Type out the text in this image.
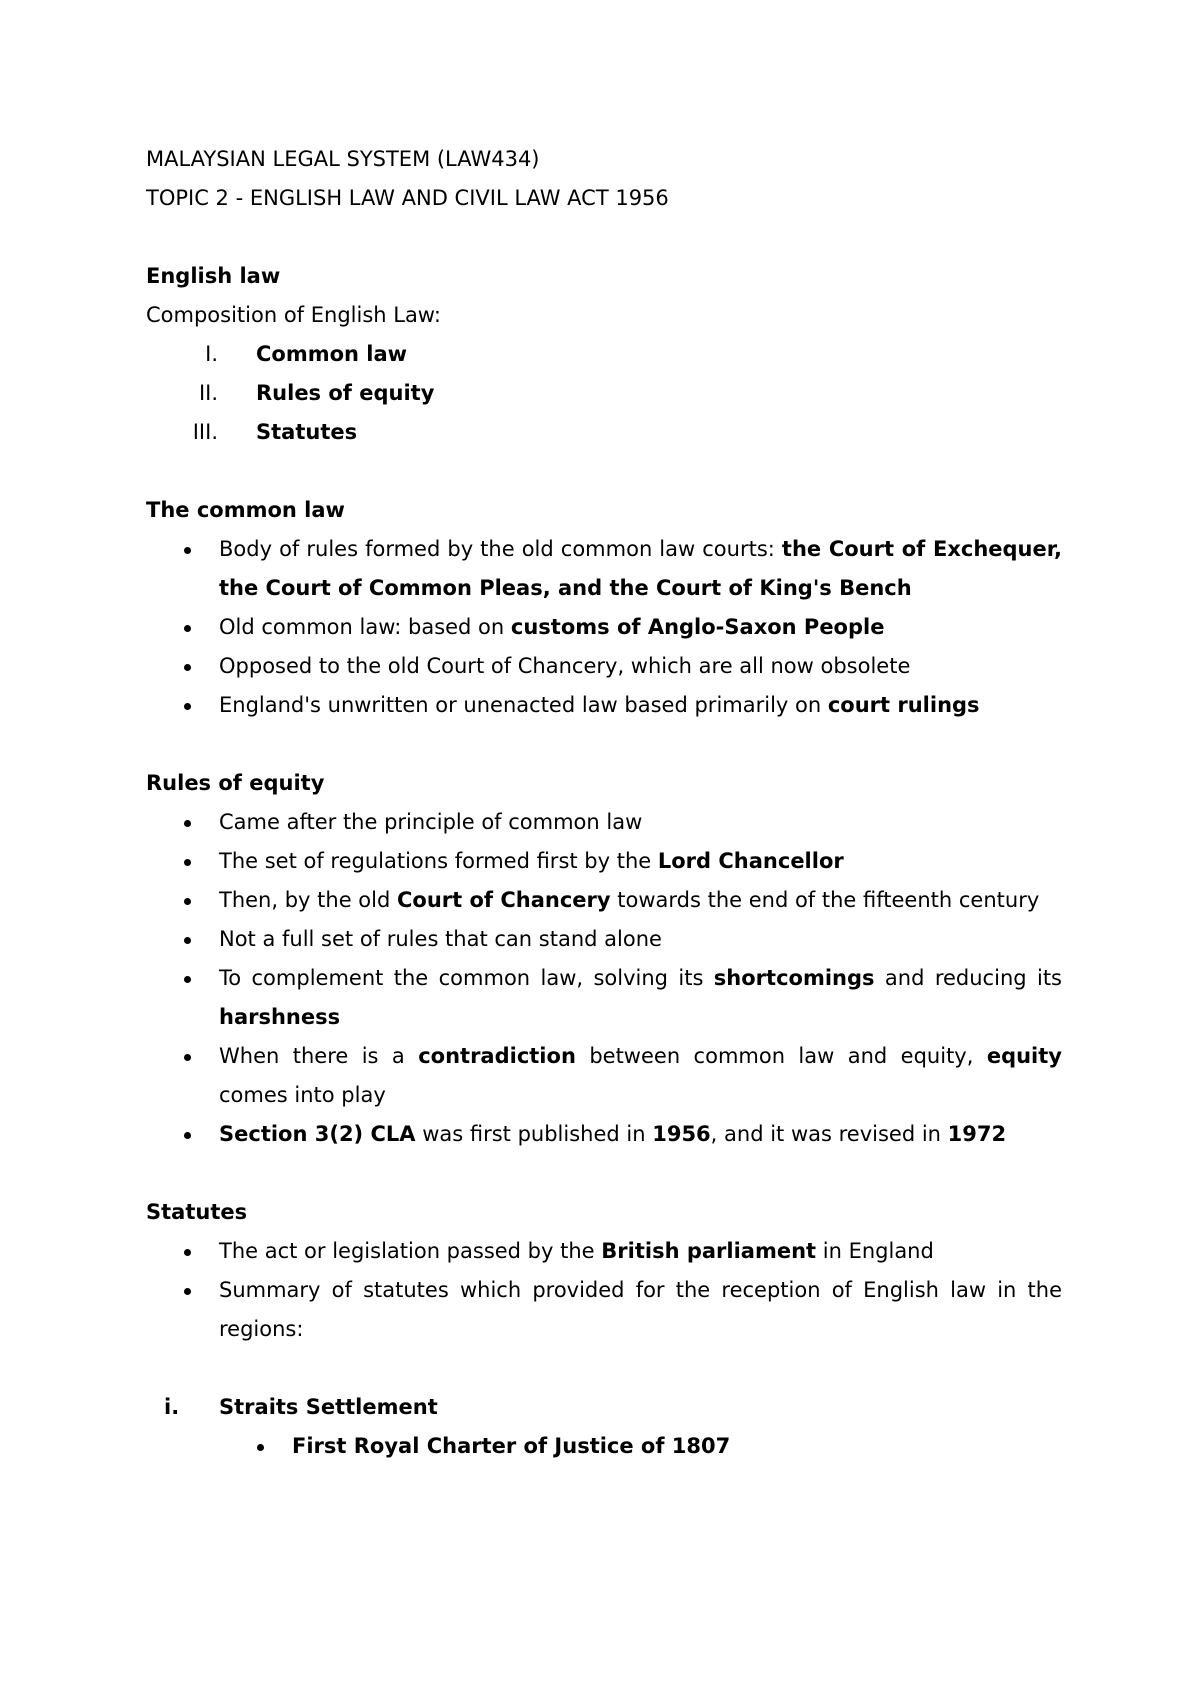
MALAYSIAN LEGAL SYSTEM (LAW434)
TOPIC 2 - ENGLISH LAW AND CIVIL LAW ACT 1956
English law
Composition of English Law:
I. Common law
II. Rules of equity
III. Statutes
The common law
Body of rules formed by the old common law courts: the Court of Exchequer, the Court of Common Pleas, and the Court of King's Bench
Old common law: based on customs of Anglo-Saxon People
Opposed to the old Court of Chancery, which are all now obsolete
England's unwritten or unenacted law based primarily on court rulings
Rules of equity
Came after the principle of common law
The set of regulations formed first by the Lord Chancellor
Then, by the old Court of Chancery towards the end of the fifteenth century
Not a full set of rules that can stand alone
To complement the common law, solving its shortcomings and reducing its harshness
When there is a contradiction between common law and equity, equity comes into play
Section 3(2) CLA was first published in 1956, and it was revised in 1972
Statutes
The act or legislation passed by the British parliament in England
Summary of statutes which provided for the reception of English law in the regions:
i. Straits Settlement
First Royal Charter of Justice of 1807
